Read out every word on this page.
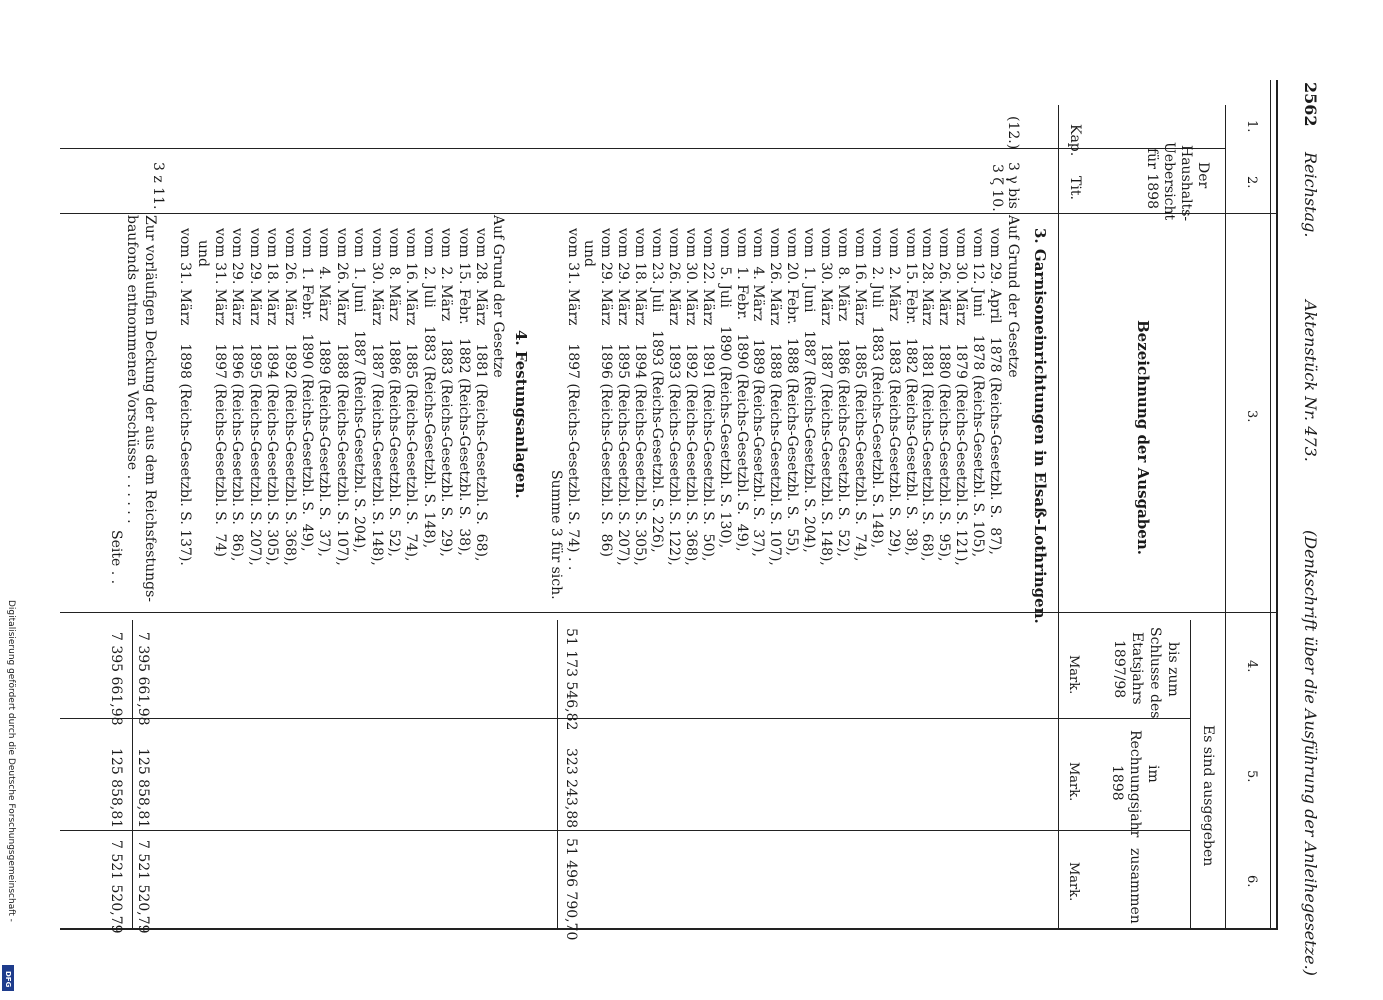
2562
Reichstag.
Aktenstück Nr. 473.
(Denkschrift über die Ausführung der Anleihegesetze.)
1.
2.
3.
4.
5.
6.
Der
Haushalts-
Uebersicht
für 1898
Kap.
Tit.
Bezeichnung der Ausgaben.
Es sind ausgegeben
bis zum
Schlusse des
Etatsjahrs
1897/98
Mark.
im
Rechnungsjahr
1898
Mark.
zusammen
Mark.
(12.)
3 γ bis
3 ζ 10.
3. Garnisoneinrichtungen in Elsaß-Lothringen.
Auf Grund der Gesetze
vom 29. April   1878 (Reichs-Gesetzbl. S.  87),
vom 12. Juni    1878 (Reichs-Gesetzbl. S. 105),
vom 30. März    1879 (Reichs-Gesetzbl. S. 121),
vom 26. März    1880 (Reichs-Gesetzbl. S.  95),
vom 28. März    1881 (Reichs-Gesetzbl. S.  68),
vom 15. Febr.   1882 (Reichs-Gesetzbl. S.  38),
vom  2. März    1883 (Reichs-Gesetzbl. S.  29),
vom  2. Juli    1883 (Reichs-Gesetzbl. S. 148),
vom 16. März    1885 (Reichs-Gesetzbl. S.  74),
vom  8. März    1886 (Reichs-Gesetzbl. S.  52),
vom 30. März    1887 (Reichs-Gesetzbl. S. 148),
vom  1. Juni    1887 (Reichs-Gesetzbl. S. 204),
vom 20. Febr.   1888 (Reichs-Gesetzbl. S.  55),
vom 26. März    1888 (Reichs-Gesetzbl. S. 107),
vom  4. März    1889 (Reichs-Gesetzbl. S.  37),
vom  1. Febr.   1890 (Reichs-Gesetzbl. S.  49),
vom  5. Juli    1890 (Reichs-Gesetzbl. S. 130),
vom 22. März    1891 (Reichs-Gesetzbl. S.  50),
vom 30. März    1892 (Reichs-Gesetzbl. S. 368),
vom 26. März    1893 (Reichs-Gesetzbl. S. 122),
vom 23. Juli    1893 (Reichs-Gesetzbl. S. 226),
vom 18. März    1894 (Reichs-Gesetzbl. S. 305),
vom 29. März    1895 (Reichs-Gesetzbl. S. 207),
vom 29. März    1896 (Reichs-Gesetzbl. S.  86)
und
vom 31. März    1897 (Reichs-Gesetzbl. S. 74) . .
Summe 3 für sich.
51 173 546,82
323 243,88
51 496 790,70
4. Festungsanlagen.
Auf Grund der Gesetze
vom 28. März    1881 (Reichs-Gesetzbl. S.  68),
vom 15. Febr.   1882 (Reichs-Gesetzbl. S.  38),
vom  2. März    1883 (Reichs-Gesetzbl. S.  29),
vom  2. Juli    1883 (Reichs-Gesetzbl. S. 148),
vom 16. März    1885 (Reichs-Gesetzbl. S.  74),
vom  8. März    1886 (Reichs-Gesetzbl. S.  52),
vom 30. März    1887 (Reichs-Gesetzbl. S. 148),
vom  1. Juni    1887 (Reichs-Gesetzbl. S. 204),
vom 26. März    1888 (Reichs-Gesetzbl. S. 107),
vom  4. März    1889 (Reichs-Gesetzbl. S.  37),
vom  1. Febr.   1890 (Reichs-Gesetzbl. S.  49),
vom 26. März    1892 (Reichs-Gesetzbl. S. 368),
vom 18. März    1894 (Reichs-Gesetzbl. S. 305),
vom 29. März    1895 (Reichs-Gesetzbl. S. 207),
vom 29. März    1896 (Reichs-Gesetzbl. S.  86),
vom 31. März    1897 (Reichs-Gesetzbl. S.  74)
und
vom 31. März    1898 (Reichs-Gesetzbl. S. 137).
3 z 11.
Zur vorläufigen Deckung der aus dem Reichsfestungs-
baufonds entnommenen Vorschüsse . . . . . .
7 395 661,98
125 858,81
7 521 520,79
Seite . .
7 395 661,98
125 858,81
7 521 520,79
Digitalisierung gefördert durch die Deutsche Forschungsgemeinschaft -
DFG
